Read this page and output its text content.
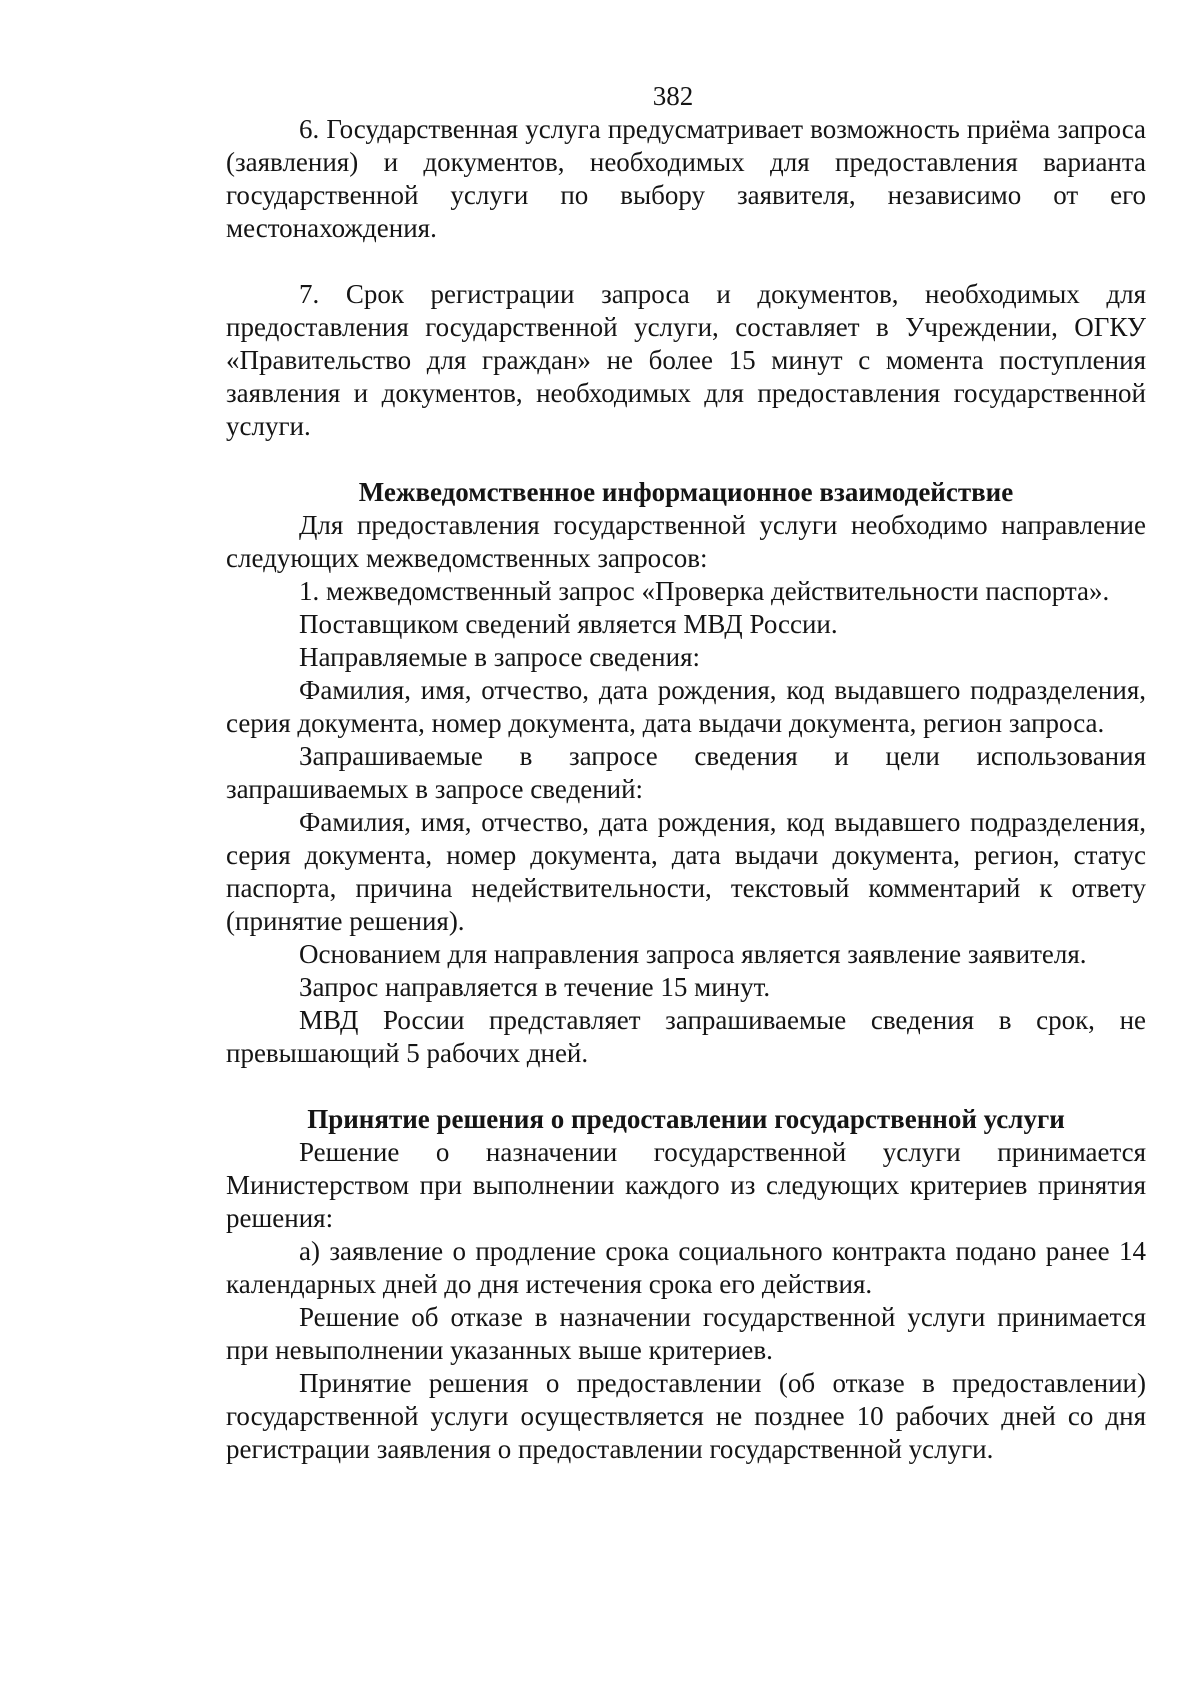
382

6. Государственная услуга предусматривает возможность приёма запроса (заявления) и документов, необходимых для предоставления варианта государственной услуги по выбору заявителя, независимо от его местонахождения.

7. Срок регистрации запроса и документов, необходимых для предоставления государственной услуги, составляет в Учреждении, ОГКУ «Правительство для граждан» не более 15 минут с момента поступления заявления и документов, необходимых для предоставления государственной услуги.

Межведомственное информационное взаимодействие

Для предоставления государственной услуги необходимо направление следующих межведомственных запросов:

1. межведомственный запрос «Проверка действительности паспорта».

Поставщиком сведений является МВД России.

Направляемые в запросе сведения:

Фамилия, имя, отчество, дата рождения, код выдавшего подразделения, серия документа, номер документа, дата выдачи документа, регион запроса.

Запрашиваемые в запросе сведения и цели использования запрашиваемых в запросе сведений:

Фамилия, имя, отчество, дата рождения, код выдавшего подразделения, серия документа, номер документа, дата выдачи документа, регион, статус паспорта, причина недействительности, текстовый комментарий к ответу (принятие решения).

Основанием для направления запроса является заявление заявителя.

Запрос направляется в течение 15 минут.

МВД России представляет запрашиваемые сведения в срок, не превышающий 5 рабочих дней.

Принятие решения о предоставлении государственной услуги

Решение о назначении государственной услуги принимается Министерством при выполнении каждого из следующих критериев принятия решения:

а) заявление о продление срока социального контракта подано ранее 14 календарных дней до дня истечения срока его действия.

Решение об отказе в назначении государственной услуги принимается при невыполнении указанных выше критериев.

Принятие решения о предоставлении (об отказе в предоставлении) государственной услуги осуществляется не позднее 10 рабочих дней со дня регистрации заявления о предоставлении государственной услуги.
